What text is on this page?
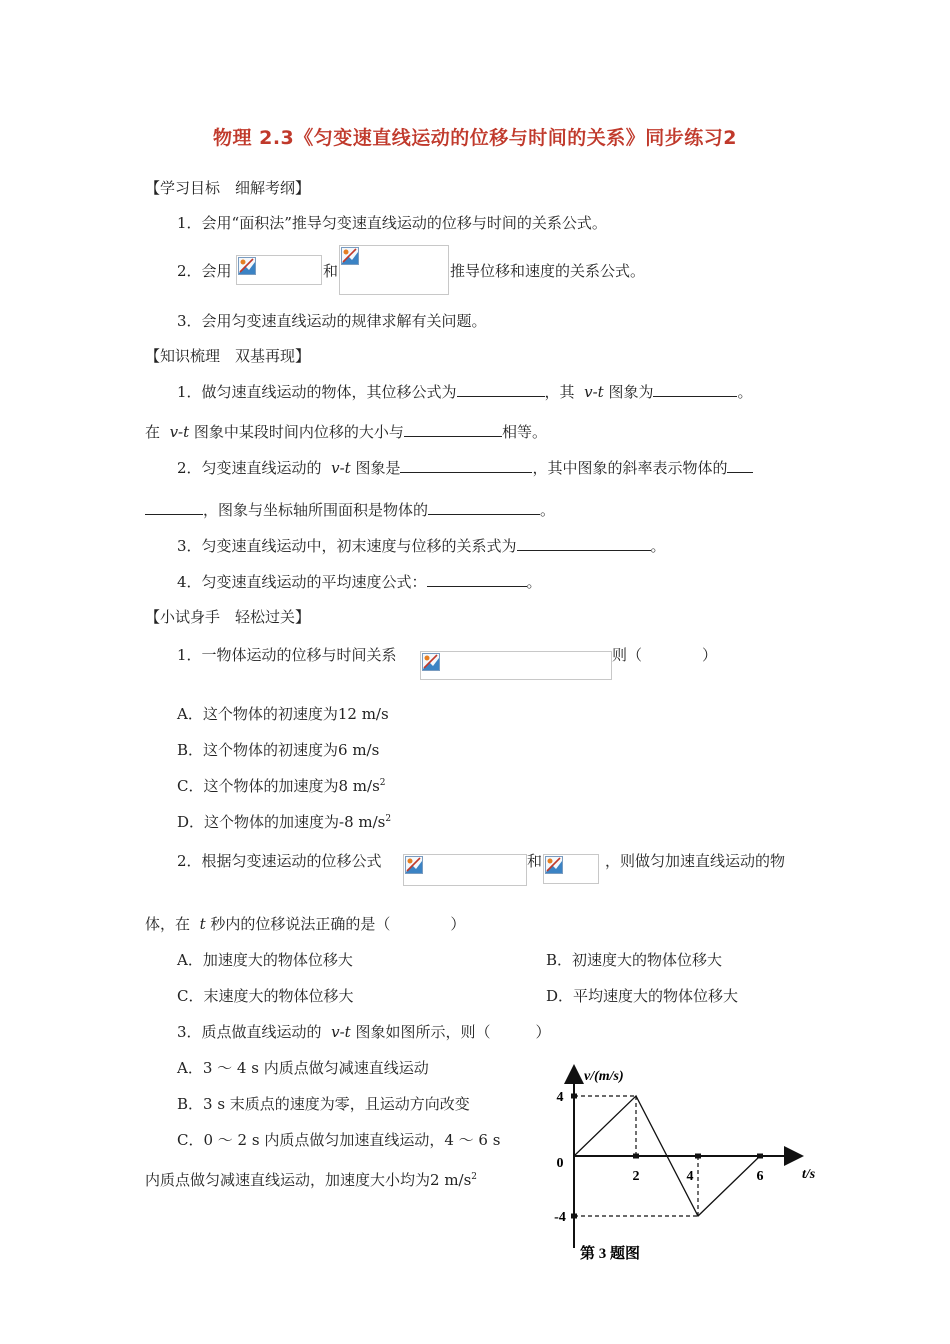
物理 2.3《匀变速直线运动的位移与时间的关系》同步练习2
【学习目标　细解考纲】
1．会用“面积法”推导匀变速直线运动的位移与时间的关系公式。
2．会用	和	推导位移和速度的关系公式。
3．会用匀变速直线运动的规律求解有关问题。
【知识梳理　双基再现】
1．做匀速直线运动的物体，其位移公式为	，其 v-t 图象为	。
在 v-t 图象中某段时间内位移的大小与	相等。
2．匀变速直线运动的 v-t 图象是	，其中图象的斜率表示物体的
，图象与坐标轴所围面积是物体的	。
3．匀变速直线运动中，初末速度与位移的关系式为	。
4．匀变速直线运动的平均速度公式：	。
【小试身手　轻松过关】
1．一物体运动的位移与时间关系	则（　　　　）
A．这个物体的初速度为12 m/s
B．这个物体的初速度为6 m/s
C．这个物体的加速度为8 $m/s^2$
D．这个物体的加速度为-8 $m/s^2$
2．根据匀变速运动的位移公式	和	，则做匀加速直线运动的物
体，在 t 秒内的位移说法正确的是（　　　　）
A．加速度大的物体位移大	B．初速度大的物体位移大
C．末速度大的物体位移大	D．平均速度大的物体位移大
3．质点做直线运动的 v-t 图象如图所示，则（　　　）
A．3 ～ 4 s 内质点做匀减速直线运动
B．3 s 末质点的速度为零，且运动方向改变
C．0 ～ 2 s 内质点做匀加速直线运动，4 ～ 6 s
内质点做匀减速直线运动，加速度大小均为2 $m/s^2$
v/(m/s)
t/s
2	4	6
4
0
-4
第 3 题图
